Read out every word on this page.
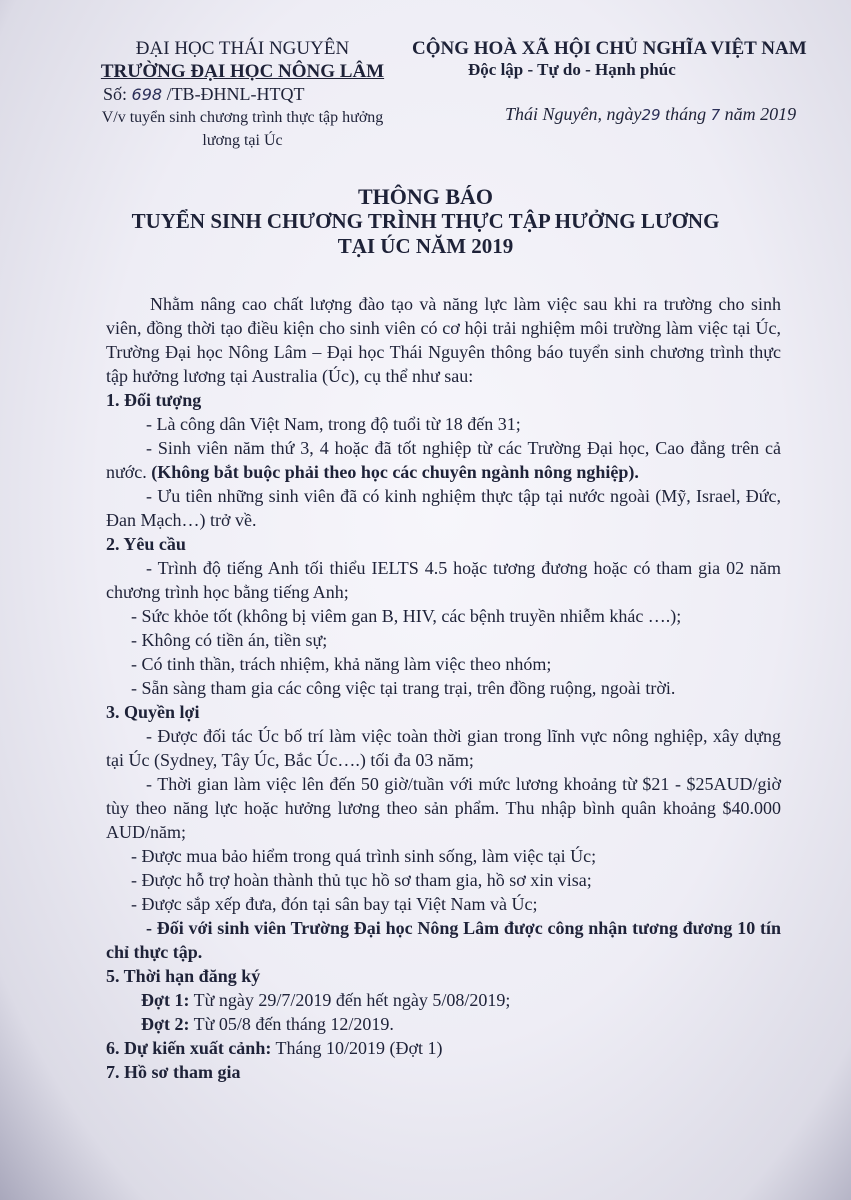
ĐẠI HỌC THÁI NGUYÊN
TRƯỜNG ĐẠI HỌC NÔNG LÂM
Số: 698 /TB-ĐHNL-HTQT
V/v tuyển sinh chương trình thực tập hưởng lương tại Úc
CỘNG HOÀ XÃ HỘI CHỦ NGHĨA VIỆT NAM
Độc lập - Tự do - Hạnh phúc
Thái Nguyên, ngày29 tháng 7 năm 2019
THÔNG BÁO
TUYỂN SINH CHƯƠNG TRÌNH THỰC TẬP HƯỞNG LƯƠNG
TẠI ÚC NĂM 2019

Nhằm nâng cao chất lượng đào tạo và năng lực làm việc sau khi ra trường cho sinh viên, đồng thời tạo điều kiện cho sinh viên có cơ hội trải nghiệm môi trường làm việc tại Úc, Trường Đại học Nông Lâm – Đại học Thái Nguyên thông báo tuyển sinh chương trình thực tập hưởng lương tại Australia (Úc), cụ thể như sau:

1. Đối tượng

- Là công dân Việt Nam, trong độ tuổi từ 18 đến 31;

- Sinh viên năm thứ 3, 4 hoặc đã tốt nghiệp từ các Trường Đại học, Cao đẳng trên cả nước. (Không bắt buộc phải theo học các chuyên ngành nông nghiệp).

- Ưu tiên những sinh viên đã có kinh nghiệm thực tập tại nước ngoài (Mỹ, Israel, Đức, Đan Mạch…) trở về.

2. Yêu cầu

- Trình độ tiếng Anh tối thiểu IELTS 4.5 hoặc tương đương hoặc có tham gia 02 năm chương trình học bằng tiếng Anh;

- Sức khỏe tốt (không bị viêm gan B, HIV, các bệnh truyền nhiễm khác ….);

- Không có tiền án, tiền sự;

- Có tinh thần, trách nhiệm, khả năng làm việc theo nhóm;

- Sẵn sàng tham gia các công việc tại trang trại, trên đồng ruộng, ngoài trời.

3. Quyền lợi

- Được đối tác Úc bố trí làm việc toàn thời gian trong lĩnh vực nông nghiệp, xây dựng tại Úc (Sydney, Tây Úc, Bắc Úc….) tối đa 03 năm;

- Thời gian làm việc lên đến 50 giờ/tuần với mức lương khoảng từ $21 - $25AUD/giờ tùy theo năng lực hoặc hưởng lương theo sản phẩm. Thu nhập bình quân khoảng $40.000 AUD/năm;

- Được mua bảo hiểm trong quá trình sinh sống, làm việc tại Úc;

- Được hỗ trợ hoàn thành thủ tục hồ sơ tham gia, hồ sơ xin visa;

- Được sắp xếp đưa, đón tại sân bay tại Việt Nam và Úc;

- Đối với sinh viên Trường Đại học Nông Lâm được công nhận tương đương 10 tín chỉ thực tập.

5. Thời hạn đăng ký

Đợt 1: Từ ngày 29/7/2019 đến hết ngày 5/08/2019;

Đợt 2: Từ 05/8 đến tháng 12/2019.

6. Dự kiến xuất cảnh: Tháng 10/2019 (Đợt 1)

7. Hồ sơ tham gia
